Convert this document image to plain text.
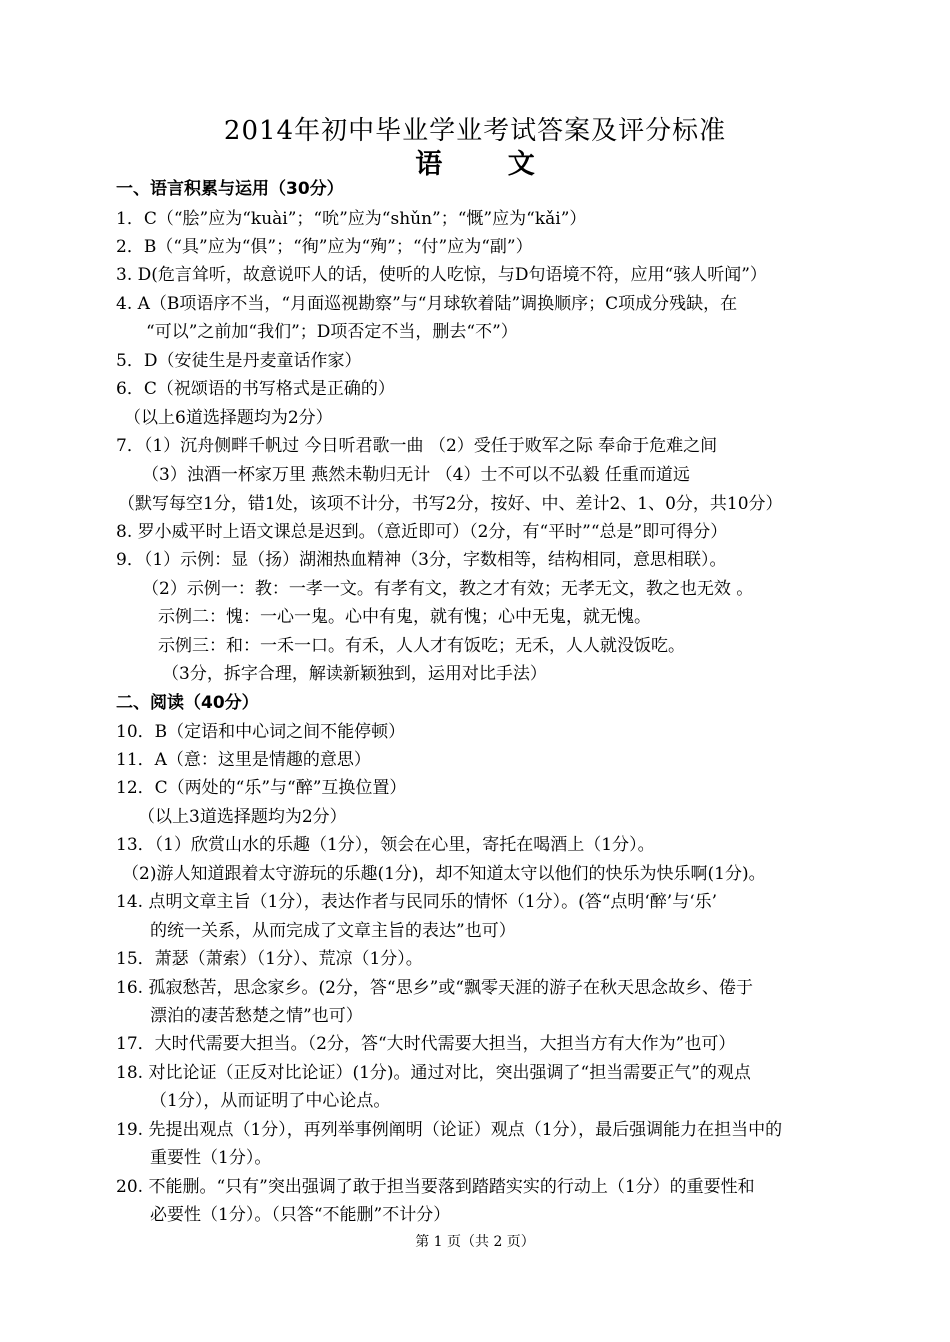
2014年初中毕业学业考试答案及评分标准
语 文
一、语言积累与运用（30分）
1．C（“脍”应为“kuài”；“吮”应为“shǔn”；“慨”应为“kǎi”）
2．B（“具”应为“俱”；“徇”应为“殉”；“付”应为“副”）
3. D(危言耸听，故意说吓人的话，使听的人吃惊，与D句语境不符，应用“骇人听闻”）
4. A（B项语序不当，“月面巡视勘察”与“月球软着陆”调换顺序；C项成分残缺，在
“可以”之前加“我们”；D项否定不当，删去“不”）
5．D（安徒生是丹麦童话作家）
6．C（祝颂语的书写格式是正确的）
（以上6道选择题均为2分）
7．（1）沉舟侧畔千帆过 今日听君歌一曲 （2）受任于败军之际 奉命于危难之间
（3）浊酒一杯家万里 燕然未勒归无计 （4）士不可以不弘毅 任重而道远
（默写每空1分，错1处，该项不计分，书写2分，按好、中、差计2、1、0分，共10分）
8. 罗小威平时上语文课总是迟到。（意近即可）（2分，有“平时”“总是”即可得分）
9．（1）示例：显（扬）湖湘热血精神（3分，字数相等，结构相同，意思相联）。
（2）示例一：教：一孝一文。有孝有文，教之才有效；无孝无文，教之也无效 。
示例二：愧：一心一鬼。心中有鬼，就有愧；心中无鬼，就无愧。
示例三：和：一禾一口。有禾，人人才有饭吃；无禾，人人就没饭吃。
（3分，拆字合理，解读新颖独到，运用对比手法）
二、阅读（40分）
10．B（定语和中心词之间不能停顿）
11．A（意：这里是情趣的意思）
12．C（两处的“乐”与“醉”互换位置）
（以上3道选择题均为2分）
13．（1）欣赏山水的乐趣（1分），领会在心里，寄托在喝酒上（1分）。
（2)游人知道跟着太守游玩的乐趣(1分)，却不知道太守以他们的快乐为快乐啊(1分)。
14. 点明文章主旨（1分），表达作者与民同乐的情怀（1分）。(答“点明‘醉’与‘乐’
的统一关系，从而完成了文章主旨的表达”也可）
15．萧瑟（萧索）（1分）、荒凉（1分）。
16. 孤寂愁苦，思念家乡。(2分，答“思乡”或“飘零天涯的游子在秋天思念故乡、倦于
漂泊的凄苦愁楚之情”也可）
17．大时代需要大担当。（2分，答“大时代需要大担当，大担当方有大作为”也可）
18. 对比论证（正反对比论证）(1分)。通过对比，突出强调了“担当需要正气”的观点
（1分），从而证明了中心论点。
19. 先提出观点（1分），再列举事例阐明（论证）观点（1分），最后强调能力在担当中的
重要性（1分）。
20. 不能删。“只有”突出强调了敢于担当要落到踏踏实实的行动上（1分）的重要性和
必要性（1分）。（只答“不能删”不计分）
第 1 页（共 2 页）
